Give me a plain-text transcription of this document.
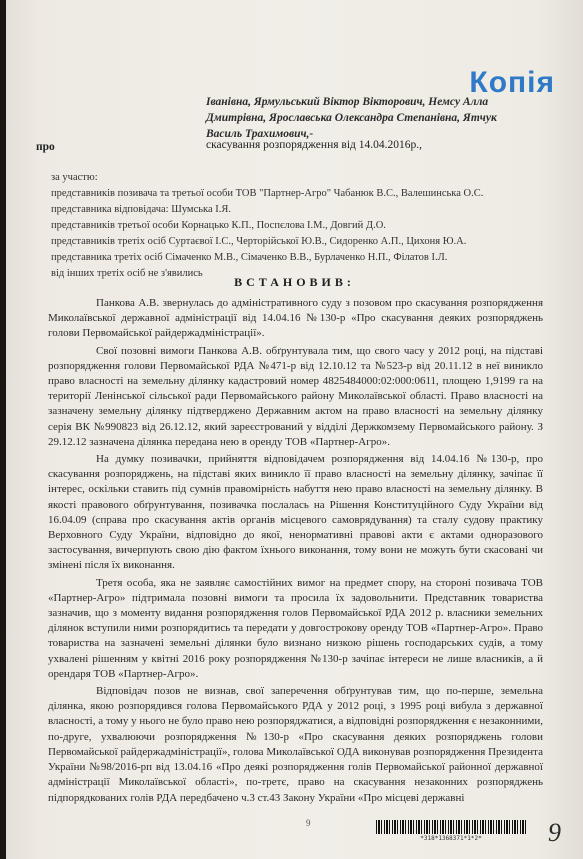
Копія
Іванівна, Ярмульський Віктор Вікторович, Немсу Алла
Дмитрівна, Ярославська Олександра Степанівна, Ятчук
Василь Трахимович,-
про	скасування розпорядження від 14.04.2016р.,
за участю:
представників позивача та третьої особи ТОВ "Партнер-Агро" Чабанюк В.С., Валешинська О.С.
представника відповідача: Шумська І.Я.
представників третьої особи Корнацько К.П., Поспєлова І.М., Довгий Д.О.
представників третіх осіб Суртаєвої І.С., Черторійської Ю.В., Сидоренко А.П., Цихоня Ю.А.
представника третіх осіб Сімаченко М.В., Сімаченко В.В., Бурлаченко Н.П., Філатов І.Л.
від інших третіх осіб не з'явились
ВСТАНОВИВ:

Панкова А.В. звернулась до адміністративного суду з позовом про скасування розпорядження Миколаївської державної адміністрації від 14.04.16 №130-р «Про скасування деяких розпоряджень голови Первомайської райдержадміністрації».

Свої позовні вимоги Панкова А.В. обґрунтувала тим, що свого часу у 2012 році, на підставі розпорядження голови Первомайської РДА №471-р від 12.10.12 та №523-р від 20.11.12 в неї виникло право власності на земельну ділянку кадастровий номер 4825484000:02:000:0611, площею 1,9199 га на території Ленінської сільської ради Первомайського району Миколаївської області. Право власності на зазначену земельну ділянку підтверджено Державним актом на право власності на земельну ділянку серія ВК №990823 від 26.12.12, який зареєстрований у відділі Держкомзему Первомайського району. З 29.12.12 зазначена ділянка передана нею в оренду ТОВ «Партнер-Агро».

На думку позивачки, прийняття відповідачем розпорядження від 14.04.16 №130-р, про скасування розпоряджень, на підставі яких виникло її право власності на земельну ділянку, зачіпає її інтерес, оскільки ставить під сумнів правомірність набуття нею право власності на земельну ділянку. В якості правового обґрунтування, позивачка послалась на Рішення Конституційного Суду України від 16.04.09 (справа про скасування актів органів місцевого самоврядування) та сталу судову практику Верховного Суду України, відповідно до якої, ненормативні правові акти є актами одноразового застосування, вичерпують свою дію фактом їхнього виконання, тому вони не можуть бути скасовані чи змінені після їх виконання.

Третя особа, яка не заявляє самостійних вимог на предмет спору, на стороні позивача ТОВ «Партнер-Агро» підтримала позовні вимоги та просила їх задовольнити. Представник товариства зазначив, що з моменту видання розпорядження голов Первомайської РДА 2012 р. власники земельних ділянок вступили ними розпорядитись та передати у довгострокову оренду ТОВ «Партнер-Агро». Право товариства на зазначені земельні ділянки було визнано низкою рішень господарських судів, а тому ухвалені рішенням у квітні 2016 року розпорядження №130-р зачіпає інтереси не лише власників, а й орендаря ТОВ «Партнер-Агро».

Відповідач позов не визнав, свої заперечення обґрунтував тим, що по-перше, земельна ділянка, якою розпорядився голова Первомайського РДА у 2012 році, з 1995 році вибула з державної власності, а тому у нього не було право нею розпоряджатися, а відповідні розпорядження є незаконними, по-друге, ухвалюючи розпорядження №130-р «Про скасування деяких розпоряджень голови Первомайської райдержадміністрації», голова Миколаївської ОДА виконував розпорядження Президента України №98/2016-рп від 13.04.16 «Про деякі розпорядження голів Первомайської районної державної адміністрації Миколаївської області», по-третє, право на скасування незаконних розпоряджень підпорядкованих голів РДА передбачено ч.3 ст.43 Закону України «Про місцеві державні

9
*318*1368371*1*2*	9
